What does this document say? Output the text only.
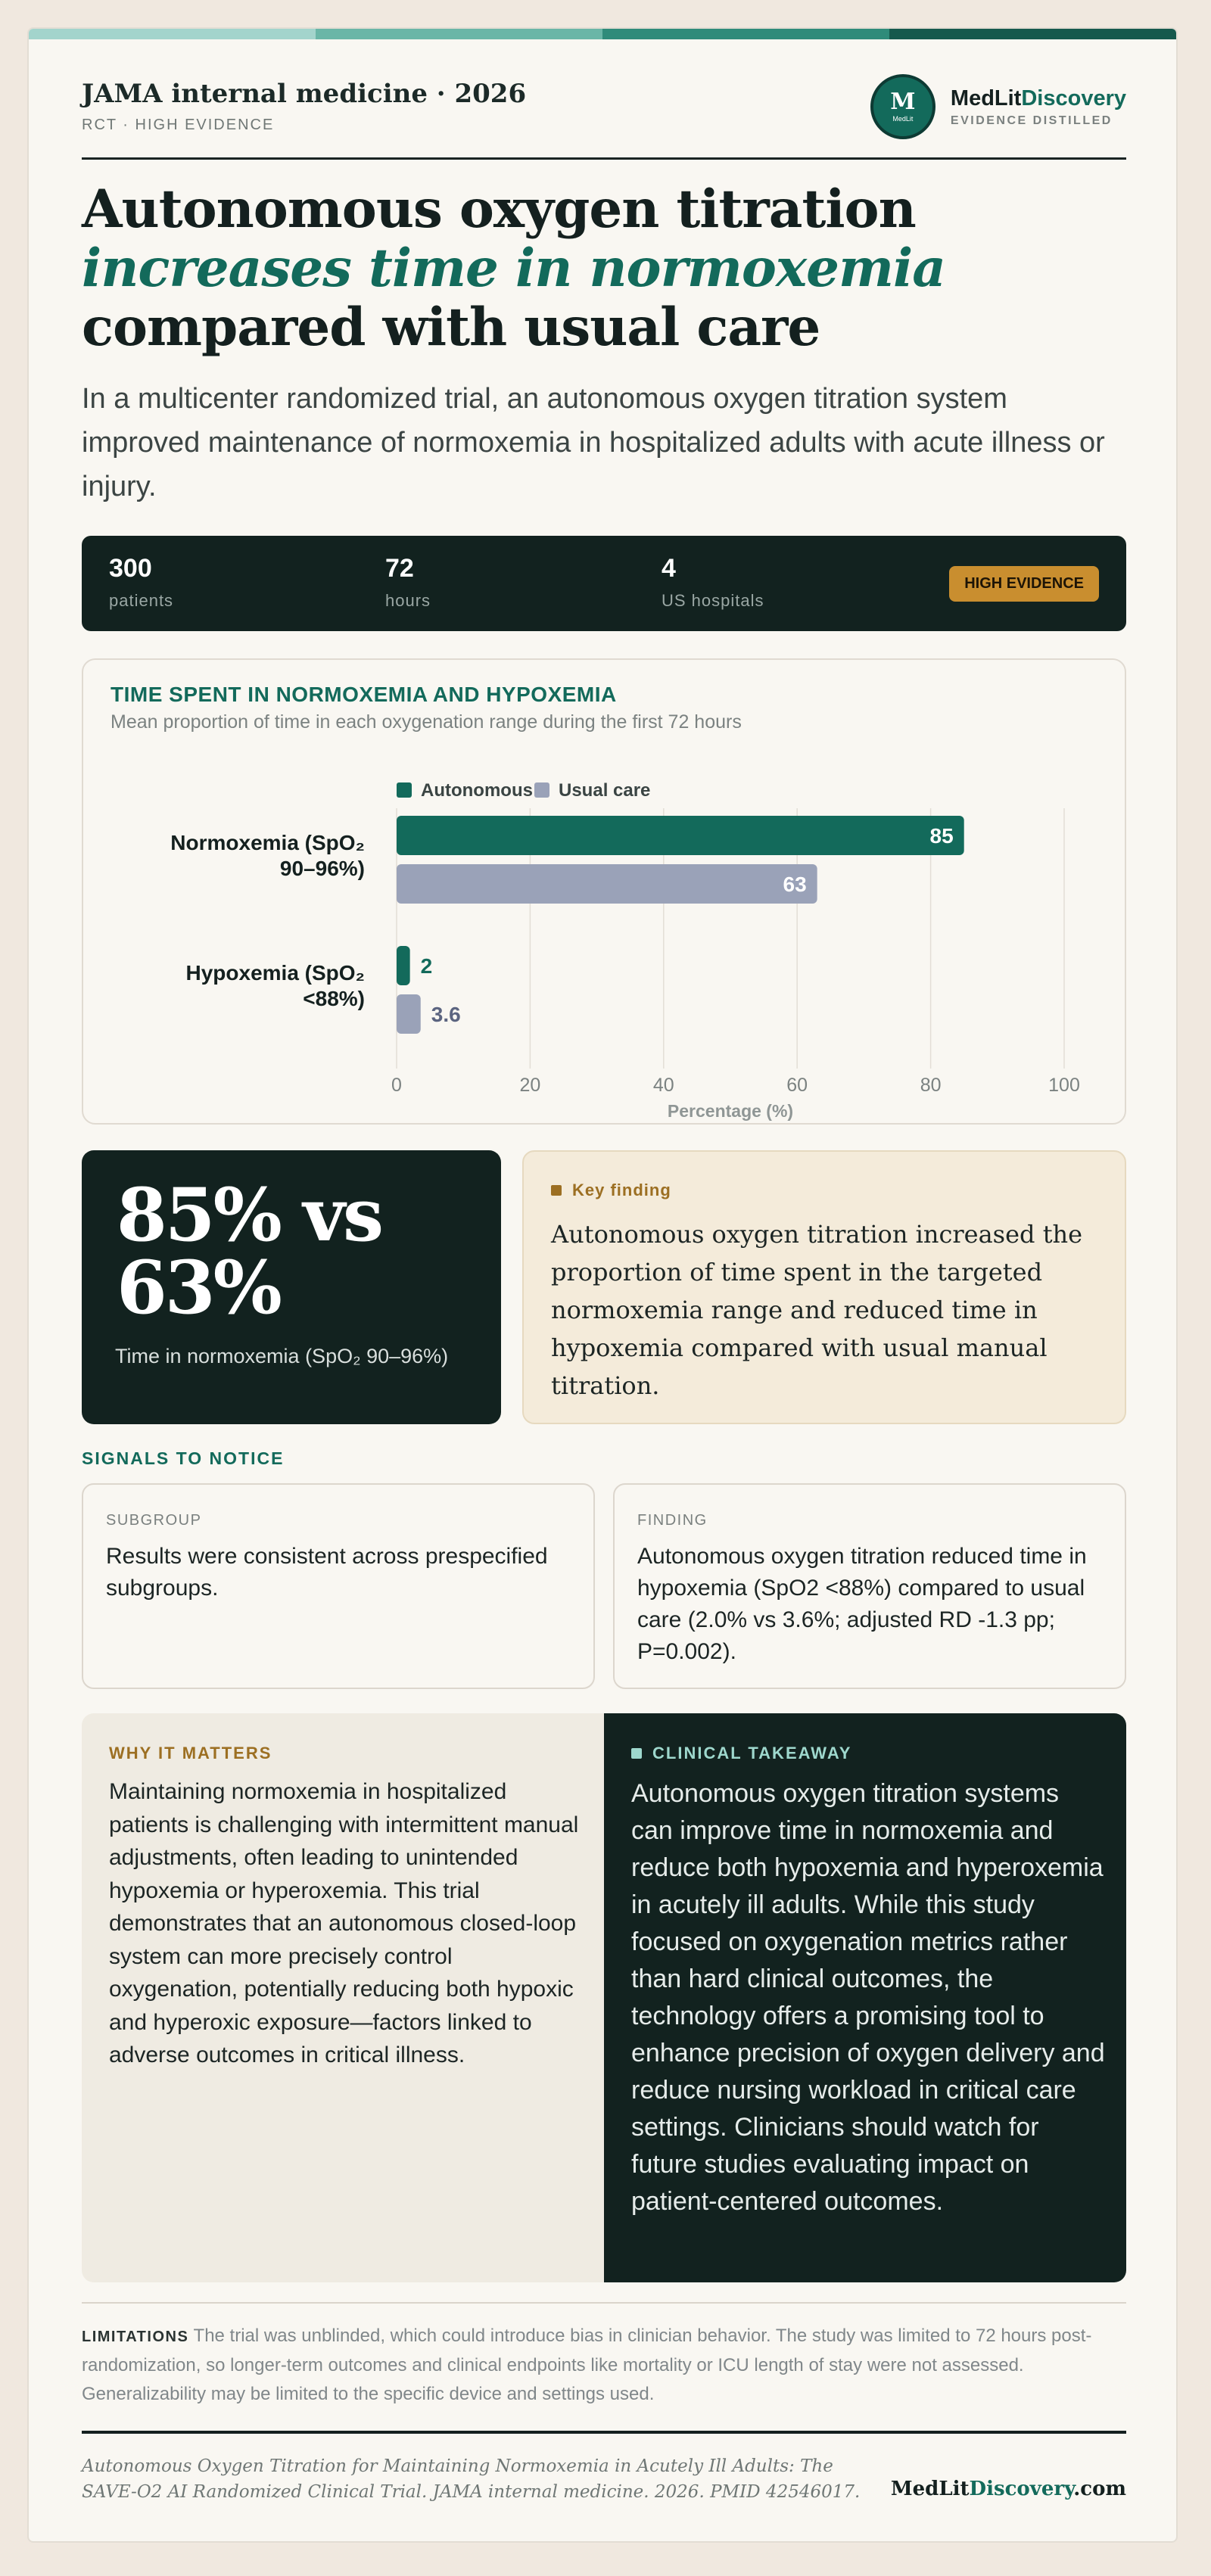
JAMA internal medicine · 2026
RCT · HIGH EVIDENCE
M
MedLit
MedLitDiscovery
EVIDENCE DISTILLED
Autonomous oxygen titration increases time in normoxemia compared with usual care

In a multicenter randomized trial, an autonomous oxygen titration system improved maintenance of normoxemia in hospitalized adults with acute illness or injury.

300
patients
72
hours
4
US hospitals
HIGH EVIDENCE
TIME SPENT IN NORMOXEMIA AND HYPOXEMIA
Mean proportion of time in each oxygenation range during the first 72 hours
0	20	40	60	80	100
Percentage (%)
Autonomous Usual care
Normoxemia (SpO₂
90–96%)
85
63
Hypoxemia (SpO₂
<88%)
2
3.6
85% vs 63%
Time in normoxemia (SpO₂ 90–96%)
Key finding
Autonomous oxygen titration increased the proportion of time spent in the targeted normoxemia range and reduced time in hypoxemia compared with usual manual titration.
SIGNALS TO NOTICE
SUBGROUP
Results were consistent across prespecified subgroups.
FINDING
Autonomous oxygen titration reduced time in hypoxemia (SpO2 <88%) compared to usual care (2.0% vs 3.6%; adjusted RD -1.3 pp; P=0.002).
WHY IT MATTERS
Maintaining normoxemia in hospitalized patients is challenging with intermittent manual adjustments, often leading to unintended hypoxemia or hyperoxemia. This trial demonstrates that an autonomous closed-loop system can more precisely control oxygenation, potentially reducing both hypoxic and hyperoxic exposure—factors linked to adverse outcomes in critical illness.
CLINICAL TAKEAWAY
Autonomous oxygen titration systems can improve time in normoxemia and reduce both hypoxemia and hyperoxemia in acutely ill adults. While this study focused on oxygenation metrics rather than hard clinical outcomes, the technology offers a promising tool to enhance precision of oxygen delivery and reduce nursing workload in critical care settings. Clinicians should watch for future studies evaluating impact on patient-centered outcomes.

LIMITATIONS The trial was unblinded, which could introduce bias in clinician behavior. The study was limited to 72 hours post-randomization, so longer-term outcomes and clinical endpoints like mortality or ICU length of stay were not assessed. Generalizability may be limited to the specific device and settings used.

Autonomous Oxygen Titration for Maintaining Normoxemia in Acutely Ill Adults: The SAVE-O2 AI Randomized Clinical Trial. JAMA internal medicine. 2026. PMID 42546017. MedLitDiscovery.com
